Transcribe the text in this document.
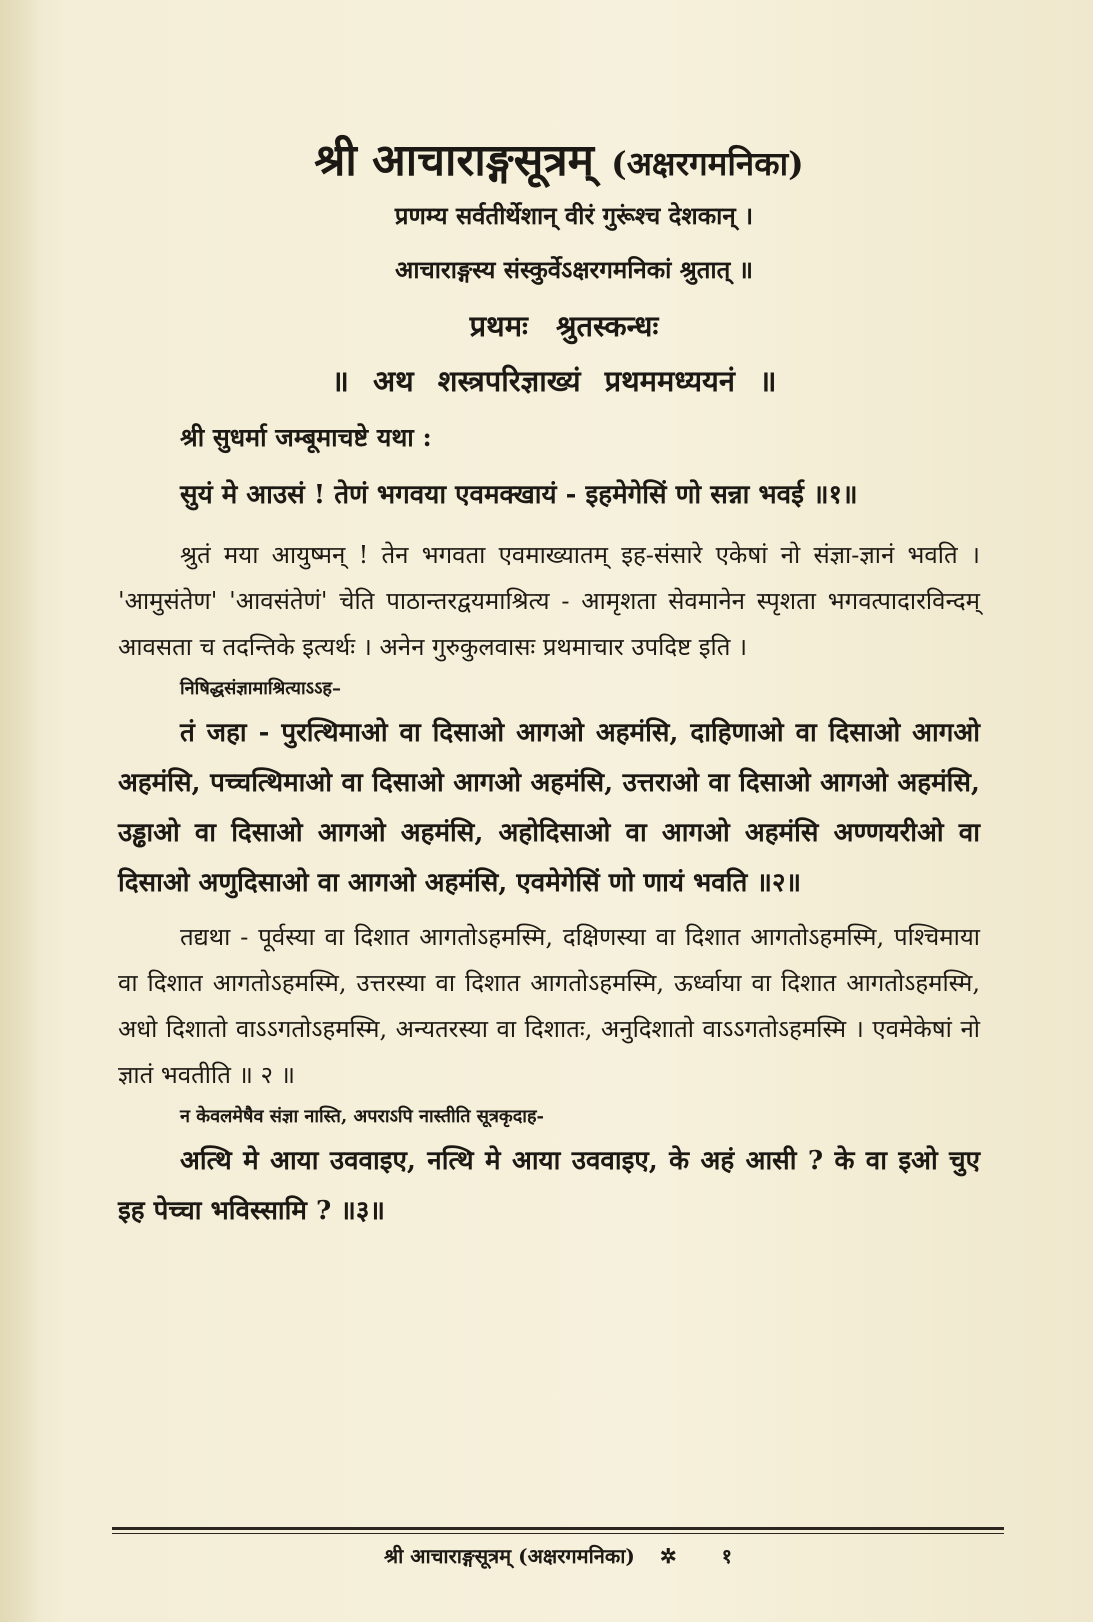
श्री आचाराङ्गसूत्रम् (अक्षरगमनिका)
प्रणम्य सर्वतीर्थेशान् वीरं गुरूंश्च देशकान् ।
आचाराङ्गस्य संस्कुर्वेऽक्षरगमनिकां श्रुतात् ॥
प्रथमः श्रुतस्कन्धः
॥ अथ शस्त्रपरिज्ञाख्यं प्रथममध्ययनं ॥
श्री सुधर्मा जम्बूमाचष्टे यथा :

सुयं मे आउसं ! तेणं भगवया एवमक्खायं - इहमेगेसिं णो सन्ना भवई ॥१॥

श्रुतं मया आयुष्मन् ! तेन भगवता एवमाख्यातम् इह-संसारे एकेषां नो संज्ञा-ज्ञानं भवति । 'आमुसंतेण' 'आवसंतेणं' चेति पाठान्तरद्वयमाश्रित्य - आमृशता सेवमानेन स्पृशता भगवत्पादारविन्दम् आवसता च तदन्तिके इत्यर्थः । अनेन गुरुकुलवासः प्रथमाचार उपदिष्ट इति ।

निषिद्धसंज्ञामाश्रित्याऽऽह–

तं जहा - पुरत्थिमाओ वा दिसाओ आगओ अहमंसि, दाहिणाओ वा दिसाओ आगओ अहमंसि, पच्चत्थिमाओ वा दिसाओ आगओ अहमंसि, उत्तराओ वा दिसाओ आगओ अहमंसि, उड्ढाओ वा दिसाओ आगओ अहमंसि, अहोदिसाओ वा आगओ अहमंसि अण्णयरीओ वा दिसाओ अणुदिसाओ वा आगओ अहमंसि, एवमेगेसिं णो णायं भवति ॥२॥

तद्यथा - पूर्वस्या वा दिशात आगतोऽहमस्मि, दक्षिणस्या वा दिशात आगतोऽहमस्मि, पश्चिमाया वा दिशात आगतोऽहमस्मि, उत्तरस्या वा दिशात आगतोऽहमस्मि, ऊर्ध्वाया वा दिशात आगतोऽहमस्मि, अधो दिशातो वाऽऽगतोऽहमस्मि, अन्यतरस्या वा दिशातः, अनुदिशातो वाऽऽगतोऽहमस्मि । एवमेकेषां नो ज्ञातं भवतीति ॥ २ ॥

न केवलमेषैव संज्ञा नास्ति, अपराऽपि नास्तीति सूत्रकृदाह-

अत्थि मे आया उववाइए, नत्थि मे आया उववाइए, के अहं आसी ? के वा इओ चुए इह पेच्चा भविस्सामि ? ॥३॥

श्री आचाराङ्गसूत्रम् (अक्षरगमनिका) ✲ १
